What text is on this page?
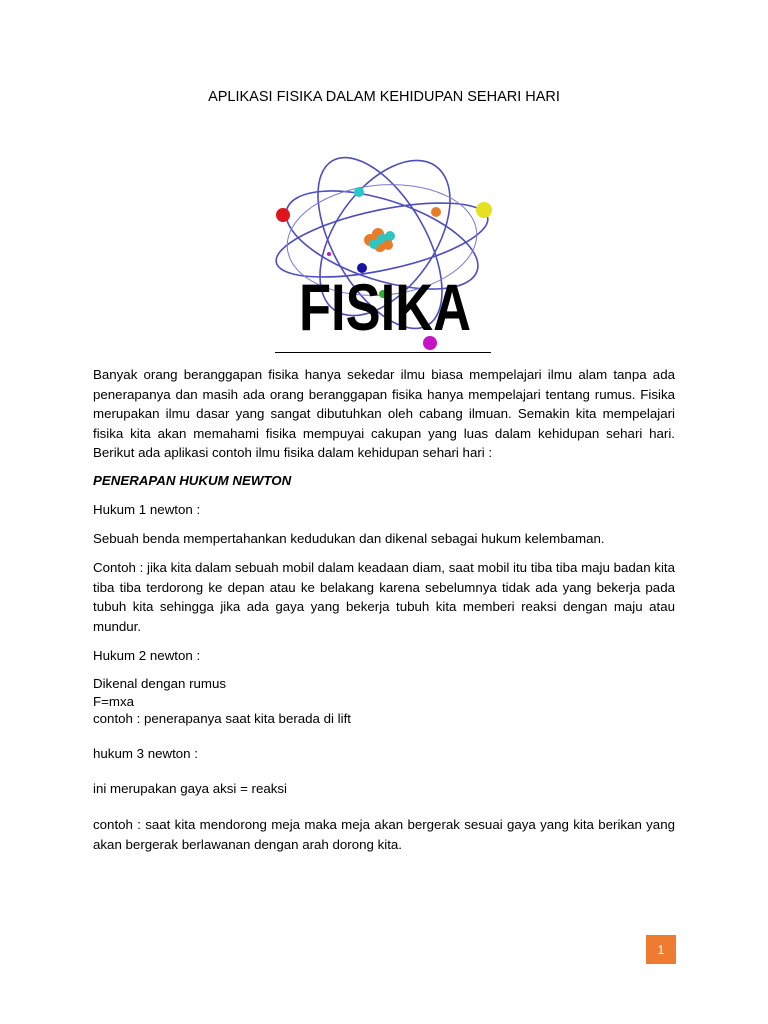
APLIKASI FISIKA DALAM KEHIDUPAN SEHARI HARI
FISIKA

Banyak orang beranggapan fisika hanya sekedar ilmu biasa mempelajari ilmu alam tanpa ada penerapanya dan masih ada orang beranggapan fisika hanya mempelajari tentang rumus. Fisika merupakan ilmu dasar yang sangat dibutuhkan oleh cabang ilmuan. Semakin kita mempelajari fisika kita akan memahami fisika mempuyai cakupan yang luas dalam kehidupan sehari hari. Berikut ada aplikasi contoh ilmu fisika dalam kehidupan sehari hari :

PENERAPAN HUKUM NEWTON

Hukum 1 newton :

Sebuah benda mempertahankan kedudukan dan dikenal sebagai hukum kelembaman.

Contoh : jika kita dalam sebuah mobil dalam keadaan diam, saat mobil itu tiba tiba maju badan kita tiba tiba terdorong ke depan atau ke belakang karena sebelumnya tidak ada yang bekerja pada tubuh kita sehingga jika ada gaya yang bekerja tubuh kita memberi reaksi dengan maju atau mundur.

Hukum 2 newton :

Dikenal dengan rumus

F=mxa

contoh : penerapanya saat kita berada di lift

hukum 3 newton :

ini merupakan gaya aksi = reaksi

contoh : saat kita mendorong meja maka meja akan bergerak sesuai gaya yang kita berikan yang akan bergerak berlawanan dengan arah dorong kita.

1
